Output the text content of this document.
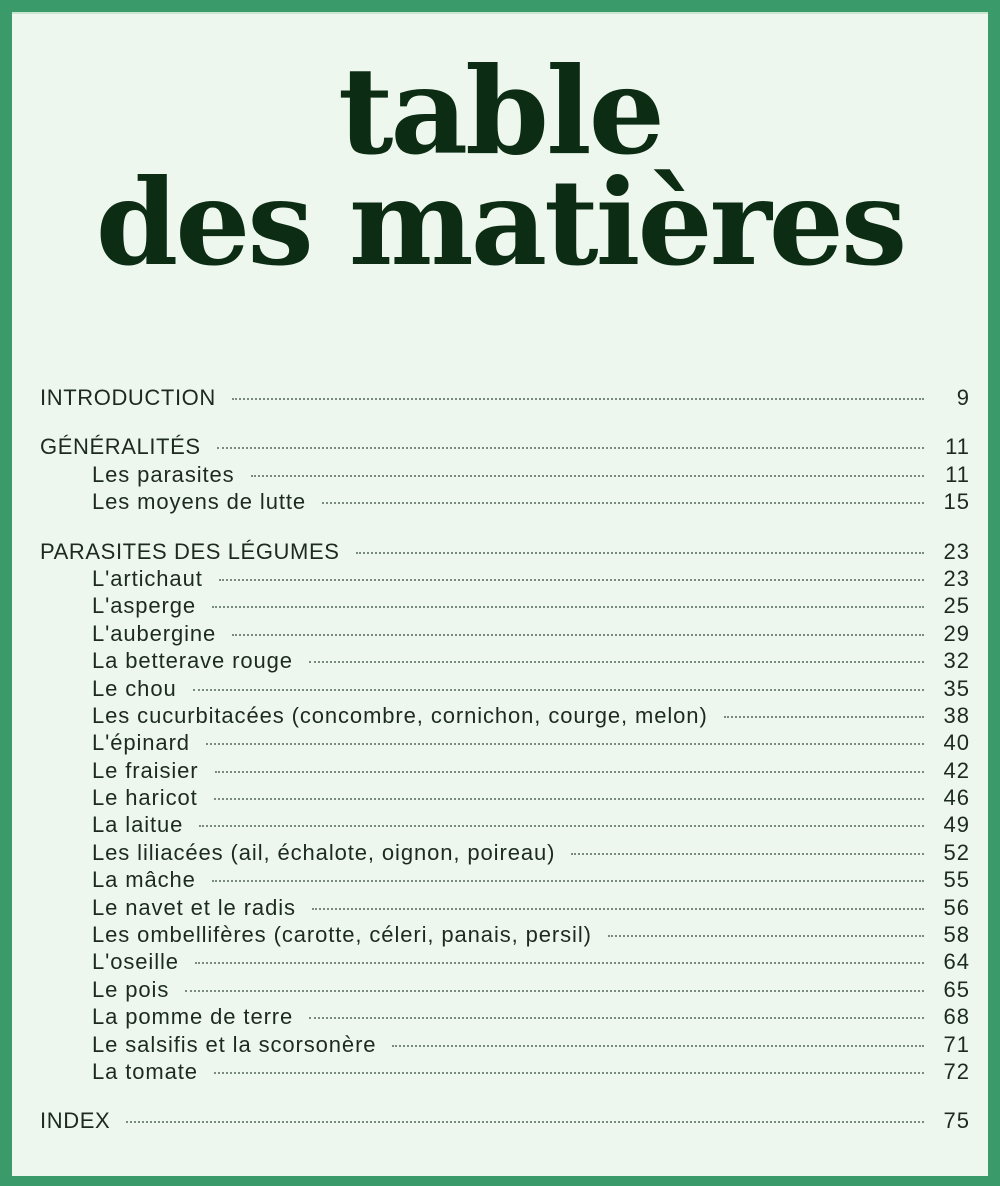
table
des matières
INTRODUCTION	9
GÉNÉRALITÉS	11
Les parasites	11
Les moyens de lutte	15
PARASITES DES LÉGUMES	23
L'artichaut	23
L'asperge	25
L'aubergine	29
La betterave rouge	32
Le chou	35
Les cucurbitacées (concombre, cornichon, courge, melon)	38
L'épinard	40
Le fraisier	42
Le haricot	46
La laitue	49
Les liliacées (ail, échalote, oignon, poireau)	52
La mâche	55
Le navet et le radis	56
Les ombellifères (carotte, céleri, panais, persil)	58
L'oseille	64
Le pois	65
La pomme de terre	68
Le salsifis et la scorsonère	71
La tomate	72
INDEX	75
